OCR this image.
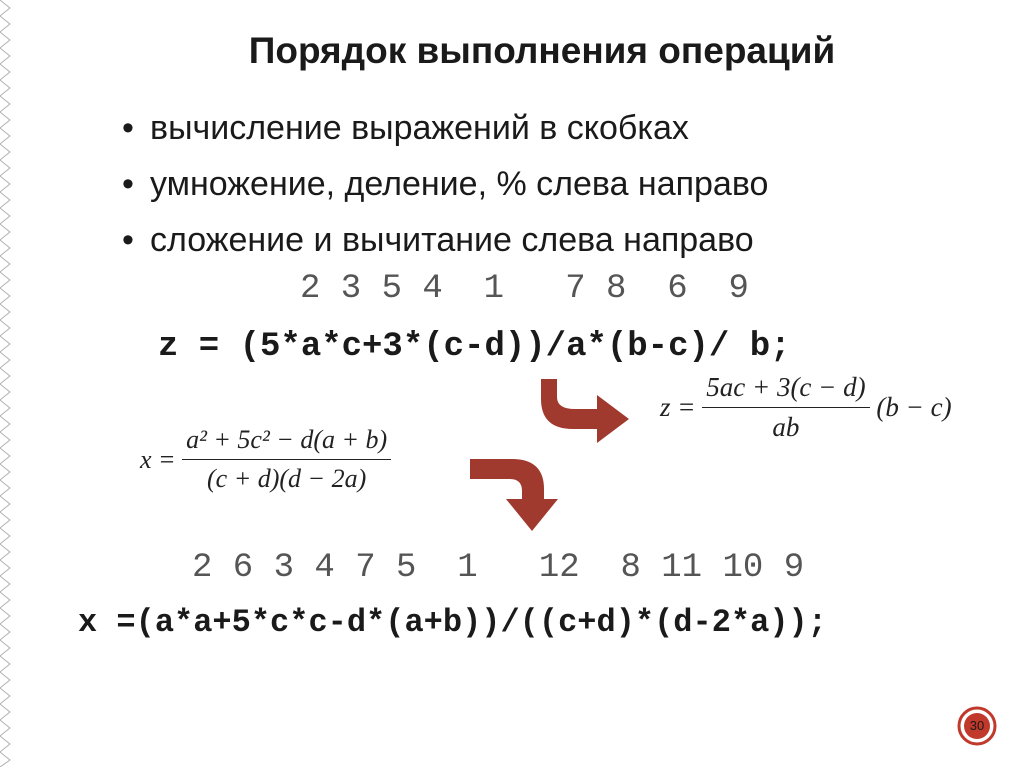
Порядок выполнения операций
• вычисление выражений в скобках
• умножение, деление, % слева направо
• сложение и вычитание слева направо
2 3 5 4  1   7 8  6  9
z = (5*a*c+3*(c-d))/a*(b-c)/ b;
$z = \frac{5ac + 3(c - d)}{ab} (b - c)$
$x = \frac{\text{a² + 5c² − d(a + b)}}{(c + d)(d - 2a)}$
2 6 3 4 7 5  1   12  8 11 10 9
x =(a*a+5*c*c-d*(a+b))/((c+d)*(d-2*a));
30
